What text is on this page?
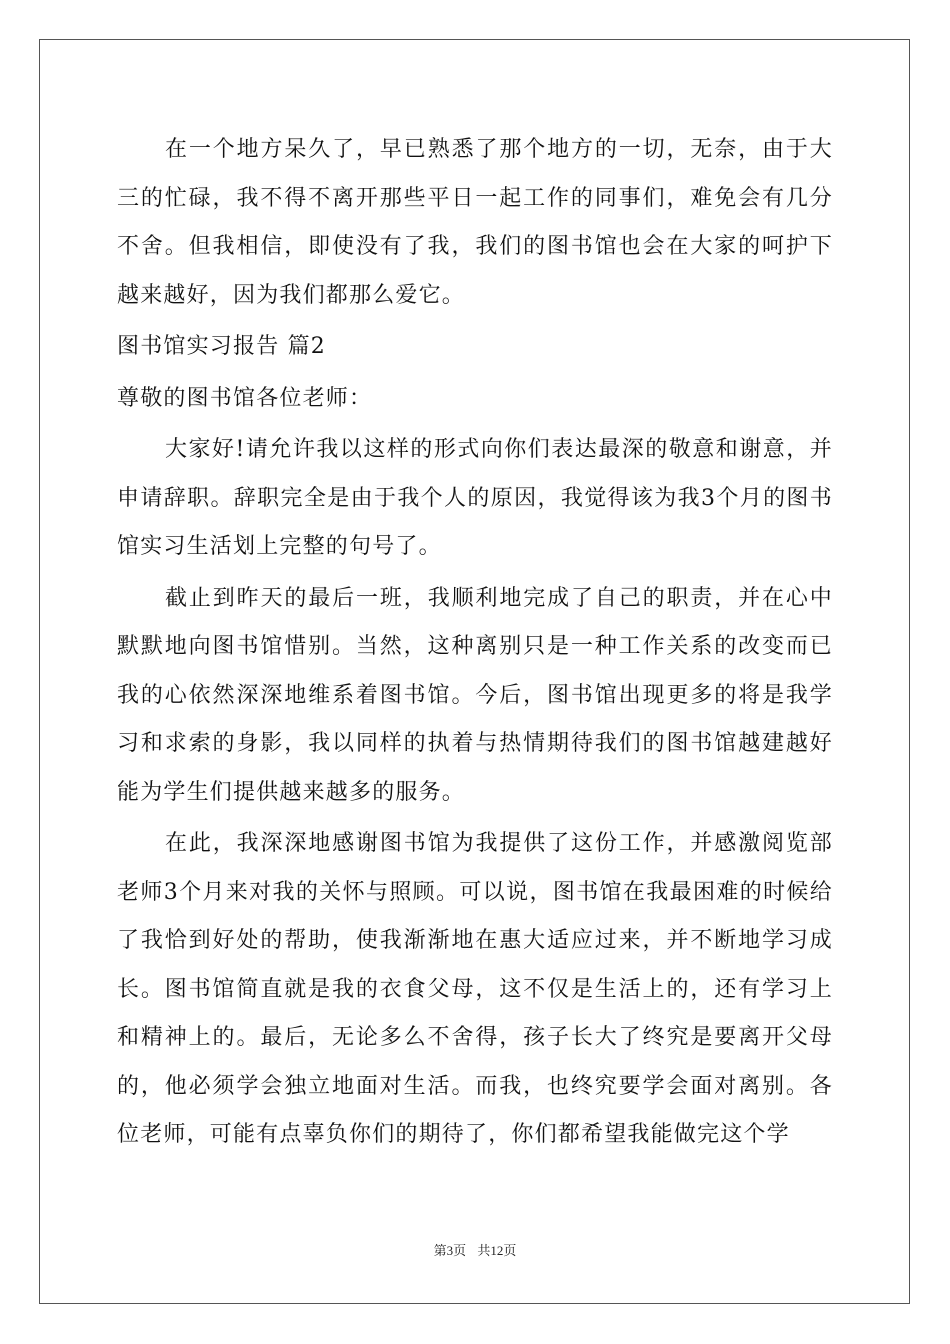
在一个地方呆久了，早已熟悉了那个地方的一切，无奈，由于大三的忙碌，我不得不离开那些平日一起工作的同事们，难免会有几分不舍。但我相信，即使没有了我，我们的图书馆也会在大家的呵护下越来越好，因为我们都那么爱它。

图书馆实习报告 篇2

尊敬的图书馆各位老师：

大家好!请允许我以这样的形式向你们表达最深的敬意和谢意，并申请辞职。辞职完全是由于我个人的原因，我觉得该为我3个月的图书馆实习生活划上完整的句号了。

截止到昨天的最后一班，我顺利地完成了自己的职责，并在心中默默地向图书馆惜别。当然，这种离别只是一种工作关系的改变而已我的心依然深深地维系着图书馆。今后，图书馆出现更多的将是我学习和求索的身影，我以同样的执着与热情期待我们的图书馆越建越好能为学生们提供越来越多的服务。

在此，我深深地感谢图书馆为我提供了这份工作，并感激阅览部老师3个月来对我的关怀与照顾。可以说，图书馆在我最困难的时候给了我恰到好处的帮助，使我渐渐地在惠大适应过来，并不断地学习成长。图书馆简直就是我的衣食父母，这不仅是生活上的，还有学习上和精神上的。最后，无论多么不舍得，孩子长大了终究是要离开父母的，他必须学会独立地面对生活。而我，也终究要学会面对离别。各位老师，可能有点辜负你们的期待了，你们都希望我能做完这个学

第3页 共12页
